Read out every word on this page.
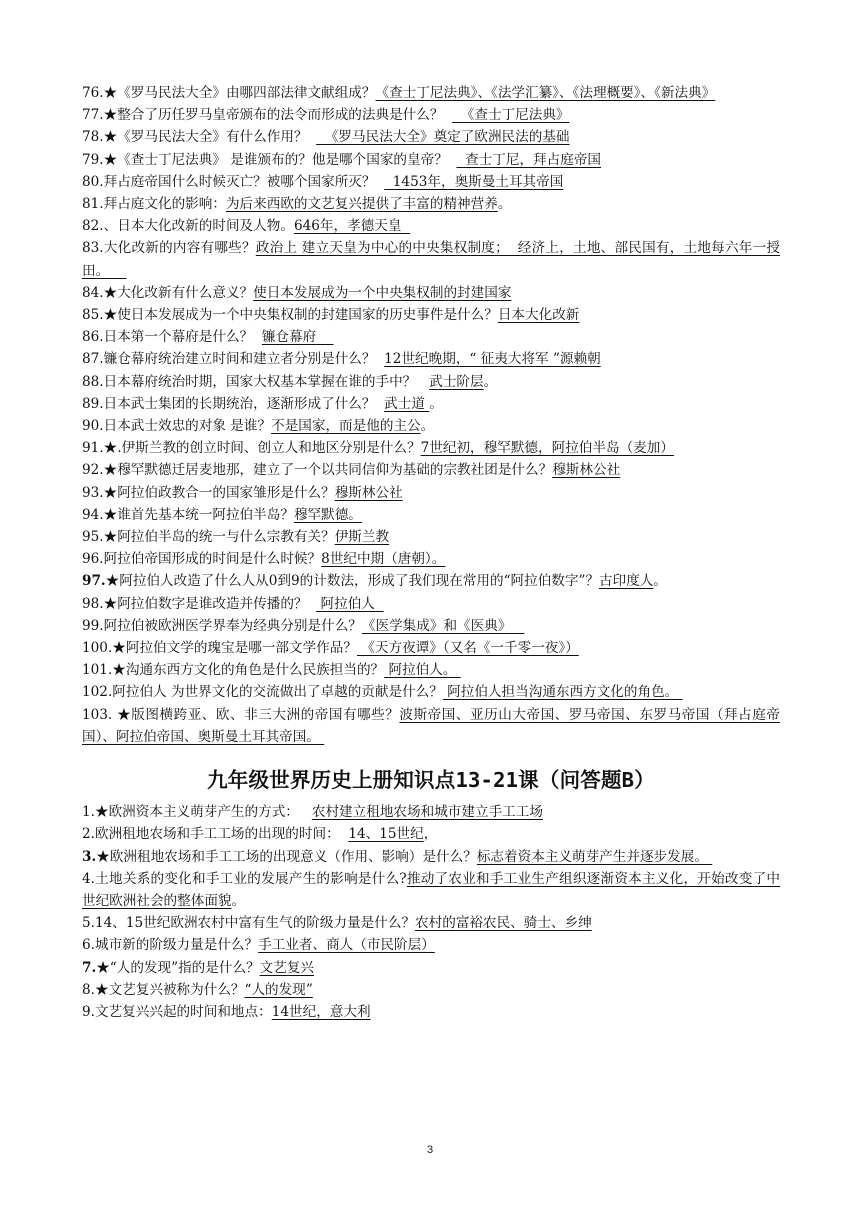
76.★《罗马民法大全》由哪四部法律文献组成？《查士丁尼法典》、《法学汇纂》、《法理概要》、《新法典》
77.★整合了历任罗马皇帝颁布的法令而形成的法典是什么？    《查士丁尼法典》
78.★《罗马民法大全》有什么作用？    《罗马民法大全》奠定了欧洲民法的基础
79.★《查士丁尼法典》 是谁颁布的？他是哪个国家的皇帝？    查士丁尼，拜占庭帝国
80.拜占庭帝国什么时候灭亡？被哪个国家所灭？    1453年，奥斯曼土耳其帝国
81.拜占庭文化的影响：为后来西欧的文艺复兴提供了丰富的精神营养。
82.、日本大化改新的时间及人物。646年，孝德天皇
83.大化改新的内容有哪些？政治上 建立天皇为中心的中央集权制度；  经济上，土地、部民国有，土地每六年一授田。
84.★大化改新有什么意义？使日本发展成为一个中央集权制的封建国家
85.★使日本发展成为一个中央集权制的封建国家的历史事件是什么？日本大化改新
86.日本第一个幕府是什么？  镰仓幕府
87.镰仓幕府统治建立时间和建立者分别是什么？  12世纪晚期，“ 征夷大将军 ”源赖朝
88.日本幕府统治时期，国家大权基本掌握在谁的手中？   武士阶层。
89.日本武士集团的长期统治，逐渐形成了什么？  武士道 。
90.日本武士效忠的对象 是谁？不是国家，而是他的主公。
91.★.伊斯兰教的创立时间、创立人和地区分别是什么？7世纪初，穆罕默德，阿拉伯半岛（麦加）
92.★穆罕默德迁居麦地那，建立了一个以共同信仰为基础的宗教社团是什么？穆斯林公社
93.★阿拉伯政教合一的国家雏形是什么？穆斯林公社
94.★谁首先基本统一阿拉伯半岛？穆罕默德。
95.★阿拉伯半岛的统一与什么宗教有关？伊斯兰教
96.阿拉伯帝国形成的时间是什么时候？8世纪中期（唐朝）。
97.★阿拉伯人改造了什么人从0到9的计数法，形成了我们现在常用的“阿拉伯数字”？古印度人。
98.★阿拉伯数字是谁改造并传播的？   阿拉伯人
99.阿拉伯被欧洲医学界奉为经典分别是什么？《医学集成》和《医典》
100.★阿拉伯文学的瑰宝是哪一部文学作品？ 《天方夜谭》（又名《一千零一夜》）
101.★沟通东西方文化的角色是什么民族担当的？ 阿拉伯人。
102.阿拉伯人 为世界文化的交流做出了卓越的贡献是什么？ 阿拉伯人担当沟通东西方文化的角色。
103. ★版图横跨亚、欧、非三大洲的帝国有哪些？波斯帝国、亚历山大帝国、罗马帝国、东罗马帝国（拜占庭帝国）、阿拉伯帝国、奥斯曼土耳其帝国。
九年级世界历史上册知识点13-21课（问答题B）
1.★欧洲资本主义萌芽产生的方式：   农村建立租地农场和城市建立手工工场
2.欧洲租地农场和手工工场的出现的时间：  14、15世纪，
3.★欧洲租地农场和手工工场的出现意义（作用、影响）是什么？标志着资本主义萌芽产生并逐步发展。
4.土地关系的变化和手工业的发展产生的影响是什么?推动了农业和手工业生产组织逐渐资本主义化，开始改变了中世纪欧洲社会的整体面貌。
5.14、15世纪欧洲农村中富有生气的阶级力量是什么？农村的富裕农民、骑士、乡绅
6.城市新的阶级力量是什么？手工业者、商人（市民阶层）
7.★“人的发现”指的是什么？文艺复兴
8.★文艺复兴被称为什么？“人的发现”
9.文艺复兴兴起的时间和地点：14世纪，意大利
3
